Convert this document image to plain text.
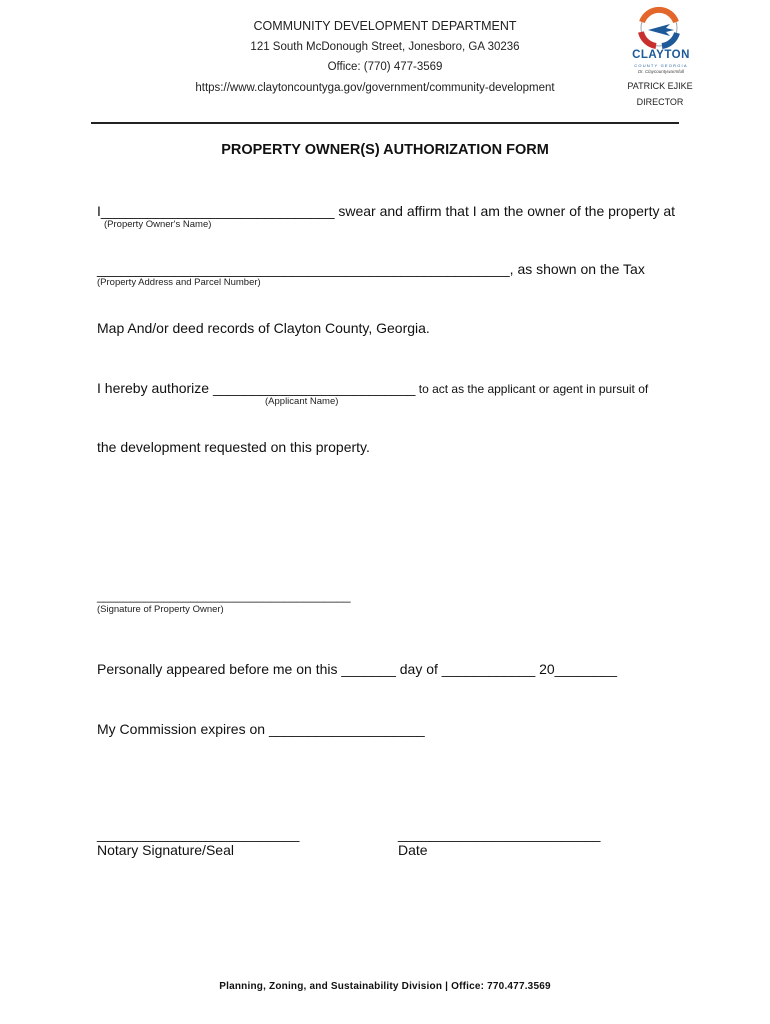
COMMUNITY DEVELOPMENT DEPARTMENT
121 South McDonough Street, Jonesboro, GA 30236
Office: (770) 477-3569
https://www.claytoncountyga.gov/government/community-development
CLAYTON
COUNTY GEORGIA
Dr. Claycountywarmfull
PATRICK EJIKE
DIRECTOR
PROPERTY OWNER(S) AUTHORIZATION FORM
I______________________________ swear and affirm that I am the owner of the property at
(Property Owner's Name)
_____________________________________________________, as shown on the Tax
(Property Address and Parcel Number)
Map And/or deed records of Clayton County, Georgia.
I hereby authorize __________________________ to act as the applicant or agent in pursuit of
(Applicant Name)
the development requested on this property.
______________________________________
(Signature of Property Owner)
Personally appeared before me on this _______ day of ____________ 20________
My Commission expires on ____________________
__________________________
Notary Signature/Seal
__________________________
Date
Planning, Zoning, and Sustainability Division | Office: 770.477.3569
